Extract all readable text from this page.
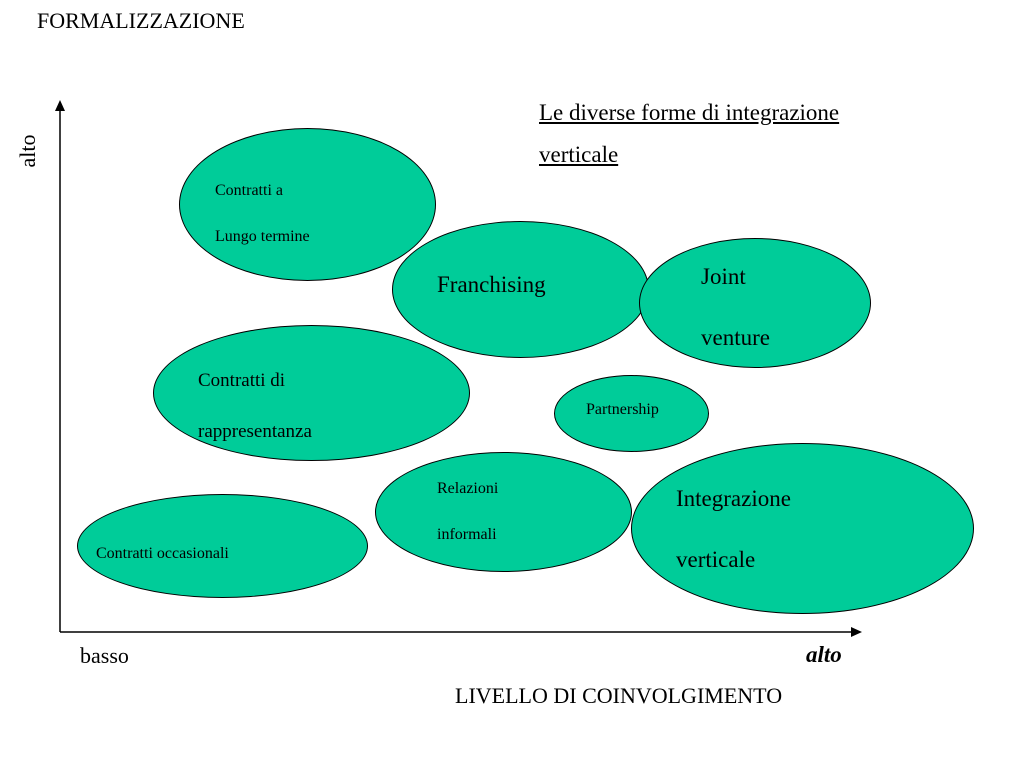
FORMALIZZAZIONE
alto
basso	alto
LIVELLO DI COINVOLGIMENTO
Le diverse forme di integrazione
verticale
Contratti a
Lungo termine
Franchising	Joint
venture
Contratti di
rappresentanza
Partnership
Relazioni
informali
Integrazione
verticale
Contratti occasionali
